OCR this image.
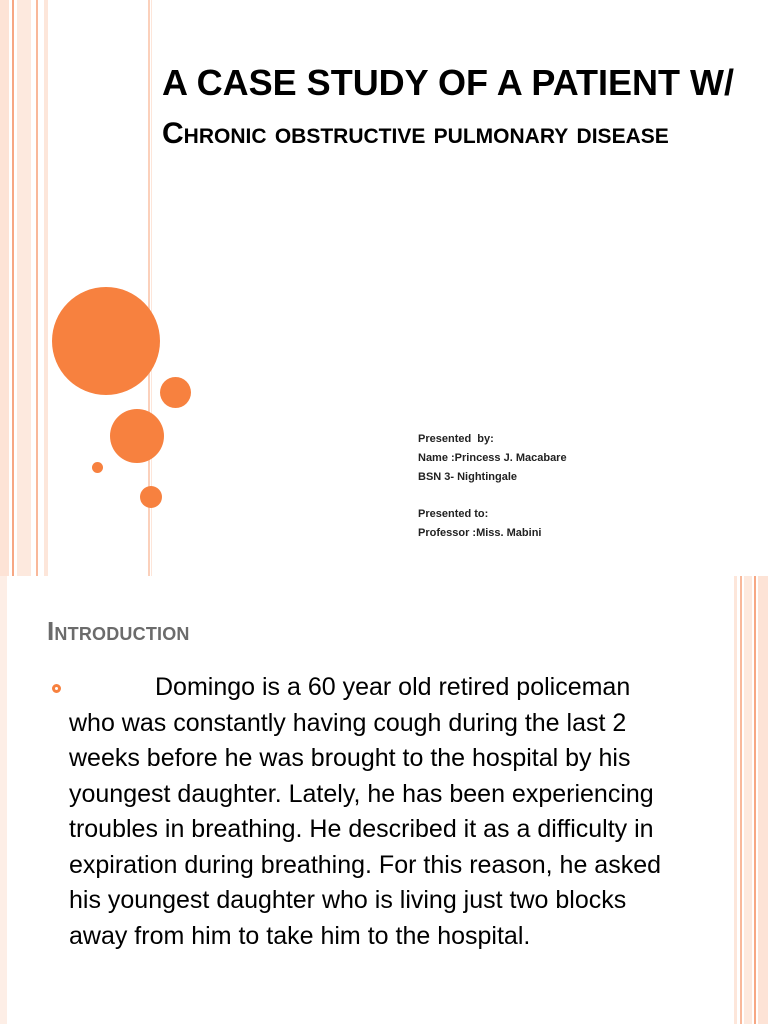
A CASE STUDY OF A PATIENT W/
Chronic obstructive pulmonary disease
Presented  by:
Name :Princess J. Macabare
BSN 3- Nightingale
Presented to:
Professor :Miss. Mabini
Introduction

Domingo is a 60 year old retired policeman who was constantly having cough during the last 2 weeks before he was brought to the hospital by his youngest daughter. Lately, he has been experiencing troubles in breathing. He described it as a difficulty in expiration during breathing. For this reason, he asked his youngest daughter who is living just two blocks away from him to take him to the hospital.
